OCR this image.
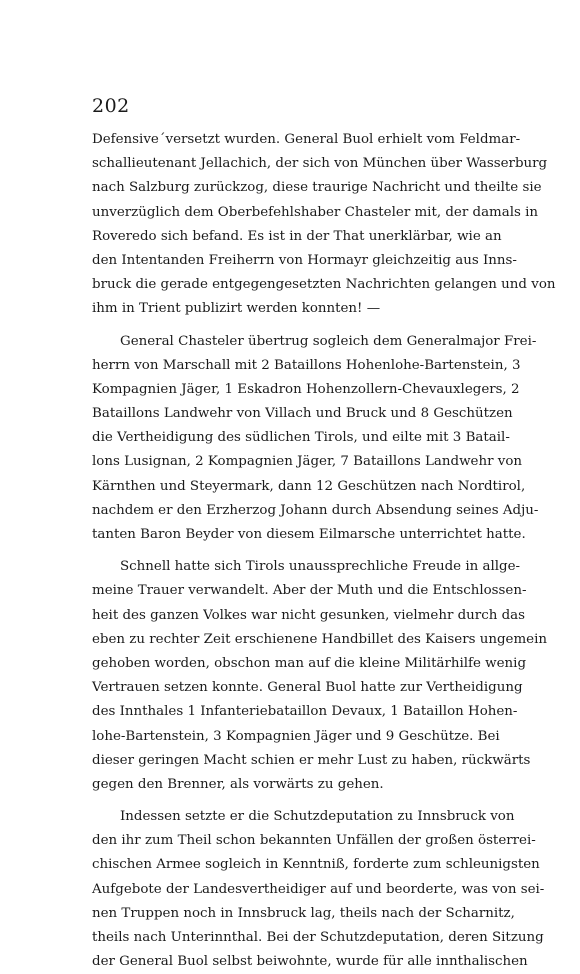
202
Defensive´versetzt wurden. General Buol erhielt vom Feldmar-
schallieutenant Jellachich, der sich von München über Wasserburg
nach Salzburg zurückzog, diese traurige Nachricht und theilte sie
unverzüglich dem Oberbefehlshaber Chasteler mit, der damals in
Roveredo sich befand. Es ist in der That unerklärbar, wie an
den Intentanden Freiherrn von Hormayr gleichzeitig aus Inns-
bruck die gerade entgegengesetzten Nachrichten gelangen und von
ihm in Trient publizirt werden konnten! —
General Chasteler übertrug sogleich dem Generalmajor Frei-
herrn von Marschall mit 2 Bataillons Hohenlohe-Bartenstein, 3
Kompagnien Jäger, 1 Eskadron Hohenzollern-Chevauxlegers, 2
Bataillons Landwehr von Villach und Bruck und 8 Geschützen
die Vertheidigung des südlichen Tirols, und eilte mit 3 Batail-
lons Lusignan, 2 Kompagnien Jäger, 7 Bataillons Landwehr von
Kärnthen und Steyermark, dann 12 Geschützen nach Nordtirol,
nachdem er den Erzherzog Johann durch Absendung seines Adju-
tanten Baron Beyder von diesem Eilmarsche unterrichtet hatte.
Schnell hatte sich Tirols unaussprechliche Freude in allge-
meine Trauer verwandelt. Aber der Muth und die Entschlossen-
heit des ganzen Volkes war nicht gesunken, vielmehr durch das
eben zu rechter Zeit erschienene Handbillet des Kaisers ungemein
gehoben worden, obschon man auf die kleine Militärhilfe wenig
Vertrauen setzen konnte. General Buol hatte zur Vertheidigung
des Innthales 1 Infanteriebataillon Devaux, 1 Bataillon Hohen-
lohe-Bartenstein, 3 Kompagnien Jäger und 9 Geschütze. Bei
dieser geringen Macht schien er mehr Lust zu haben, rückwärts
gegen den Brenner, als vorwärts zu gehen.
Indessen setzte er die Schutzdeputation zu Innsbruck von
den ihr zum Theil schon bekannten Unfällen der großen österrei-
chischen Armee sogleich in Kenntniß, forderte zum schleunigsten
Aufgebote der Landesvertheidiger auf und beorderte, was von sei-
nen Truppen noch in Innsbruck lag, theils nach der Scharnitz,
theils nach Unterinnthal. Bei der Schutzdeputation, deren Sitzung
der General Buol selbst beiwohnte, wurde für alle innthalischen
